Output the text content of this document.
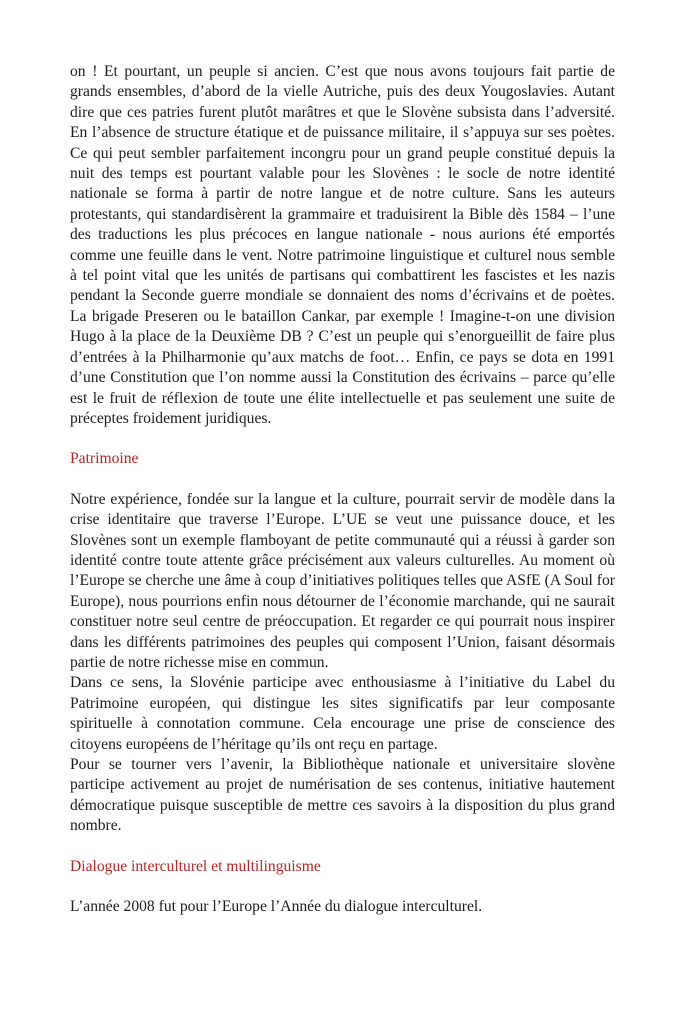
on ! Et pourtant, un peuple si ancien. C’est que nous avons toujours fait partie de grands ensembles, d’abord de la vielle Autriche, puis des deux Yougoslavies. Autant dire que ces patries furent plutôt marâtres et que le Slovène subsista dans l’adversité. En l’absence de structure étatique et de puissance militaire, il s’appuya sur ses poètes. Ce qui peut sembler parfaitement incongru pour un grand peuple constitué depuis la nuit des temps est pourtant valable pour les Slovènes : le socle de notre identité nationale se forma à partir de notre langue et de notre culture. Sans les auteurs protestants, qui standardisèrent la grammaire et traduisirent la Bible dès 1584 – l’une des traductions les plus précoces en langue nationale - nous aurions été emportés comme une feuille dans le vent. Notre patrimoine linguistique et culturel nous semble à tel point vital que les unités de partisans qui combattirent les fascistes et les nazis pendant la Seconde guerre mondiale se donnaient des noms d’écrivains et de poètes. La brigade Preseren ou le bataillon Cankar, par exemple ! Imagine-t-on une division Hugo à la place de la Deuxième DB ? C’est un peuple qui s’enorgueillit de faire plus d’entrées à la Philharmonie qu’aux matchs de foot… Enfin, ce pays se dota en 1991 d’une Constitution que l’on nomme aussi la Constitution des écrivains – parce qu’elle est le fruit de réflexion de toute une élite intellectuelle et pas seulement une suite de préceptes froidement juridiques.

Patrimoine

Notre expérience, fondée sur la langue et la culture, pourrait servir de modèle dans la crise identitaire que traverse l’Europe. L’UE se veut une puissance douce, et les Slovènes sont un exemple flamboyant de petite communauté qui a réussi à garder son identité contre toute attente grâce précisément aux valeurs culturelles. Au moment où l’Europe se cherche une âme à coup d’initiatives politiques telles que ASfE (A Soul for Europe), nous pourrions enfin nous détourner de l’économie marchande, qui ne saurait constituer notre seul centre de préoccupation. Et regarder ce qui pourrait nous inspirer dans les différents patrimoines des peuples qui composent l’Union, faisant désormais partie de notre richesse mise en commun.

Dans ce sens, la Slovénie participe avec enthousiasme à l’initiative du Label du Patrimoine européen, qui distingue les sites significatifs par leur composante spirituelle à connotation commune. Cela encourage une prise de conscience des citoyens européens de l’héritage qu’ils ont reçu en partage.

Pour se tourner vers l’avenir, la Bibliothèque nationale et universitaire slovène participe activement au projet de numérisation de ses contenus, initiative hautement démocratique puisque susceptible de mettre ces savoirs à la disposition du plus grand nombre.

Dialogue interculturel et multilinguisme

L’année 2008 fut pour l’Europe l’Année du dialogue interculturel.
